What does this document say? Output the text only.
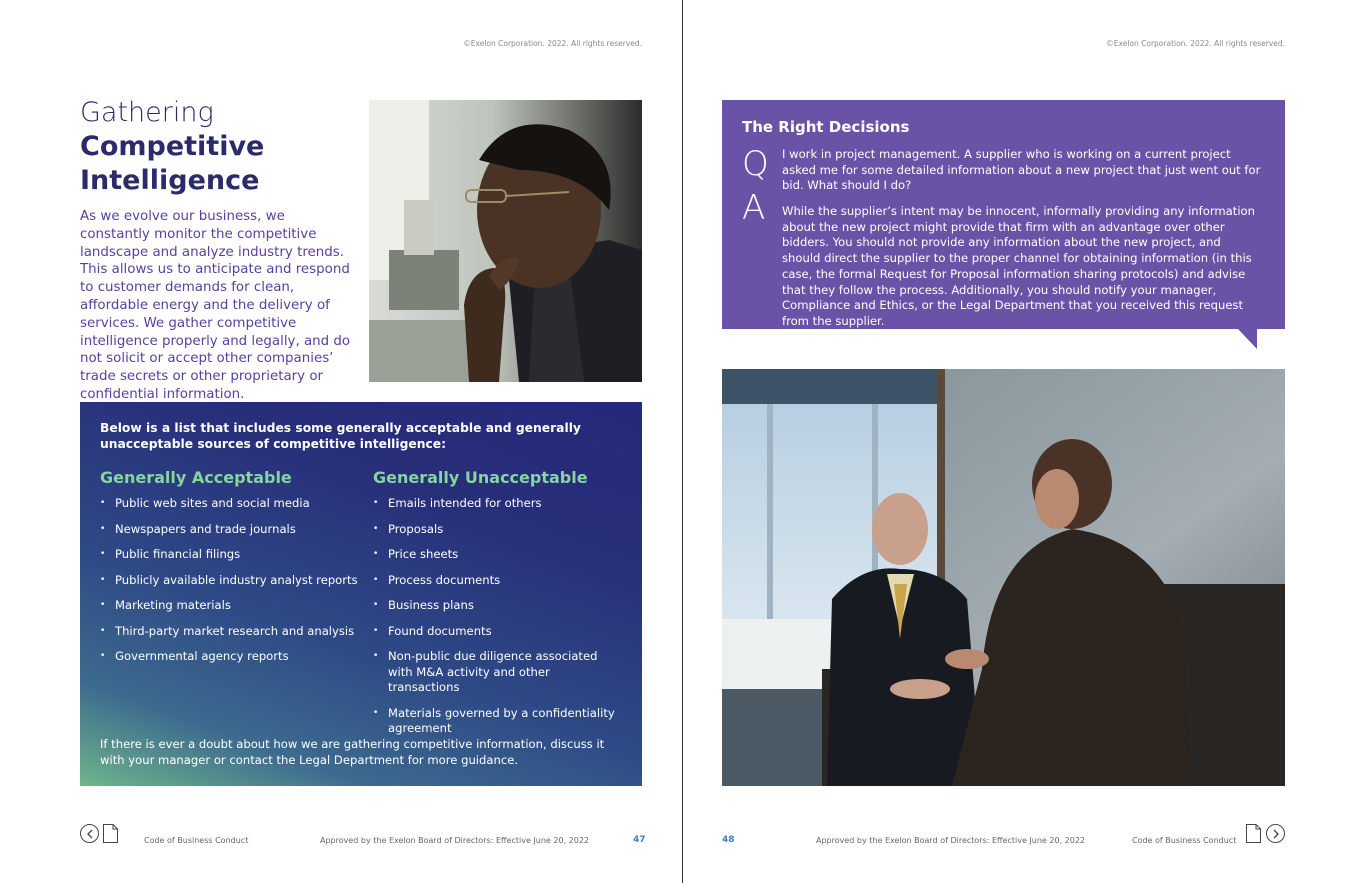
©Exelon Corporation. 2022. All rights reserved.
Gathering
Competitive
Intelligence

As we evolve our business, we constantly monitor the competitive landscape and analyze industry trends. This allows us to anticipate and respond to customer demands for clean, affordable energy and the delivery of services. We gather competitive intelligence properly and legally, and do not solicit or accept other companies’ trade secrets or other proprietary or confidential information.

Below is a list that includes some generally acceptable and generally unacceptable sources of competitive intelligence:

Generally Acceptable
• Public web sites and social media
• Newspapers and trade journals
• Public financial filings
• Publicly available industry analyst reports
• Marketing materials
• Third-party market research and analysis
• Governmental agency reports
Generally Unacceptable
• Emails intended for others
• Proposals
• Price sheets
• Process documents
• Business plans
• Found documents
• Non-public due diligence associated with M&A activity and other transactions
• Materials governed by a confidentiality agreement

If there is ever a doubt about how we are gathering competitive information, discuss it with your manager or contact the Legal Department for more guidance.

Code of Business Conduct	Approved by the Exelon Board of Directors: Effective June 20, 2022	47
©Exelon Corporation. 2022. All rights reserved.
The Right Decisions
Q I work in project management. A supplier who is working on a current project asked me for some detailed information about a new project that just went out for bid. What should I do?

A While the supplier’s intent may be innocent, informally providing any information about the new project might provide that firm with an advantage over other bidders. You should not provide any information about the new project, and should direct the supplier to the proper channel for obtaining information (in this case, the formal Request for Proposal information sharing protocols) and advise that they follow the process. Additionally, you should notify your manager, Compliance and Ethics, or the Legal Department that you received this request from the supplier.

48	Approved by the Exelon Board of Directors: Effective June 20, 2022	Code of Business Conduct
